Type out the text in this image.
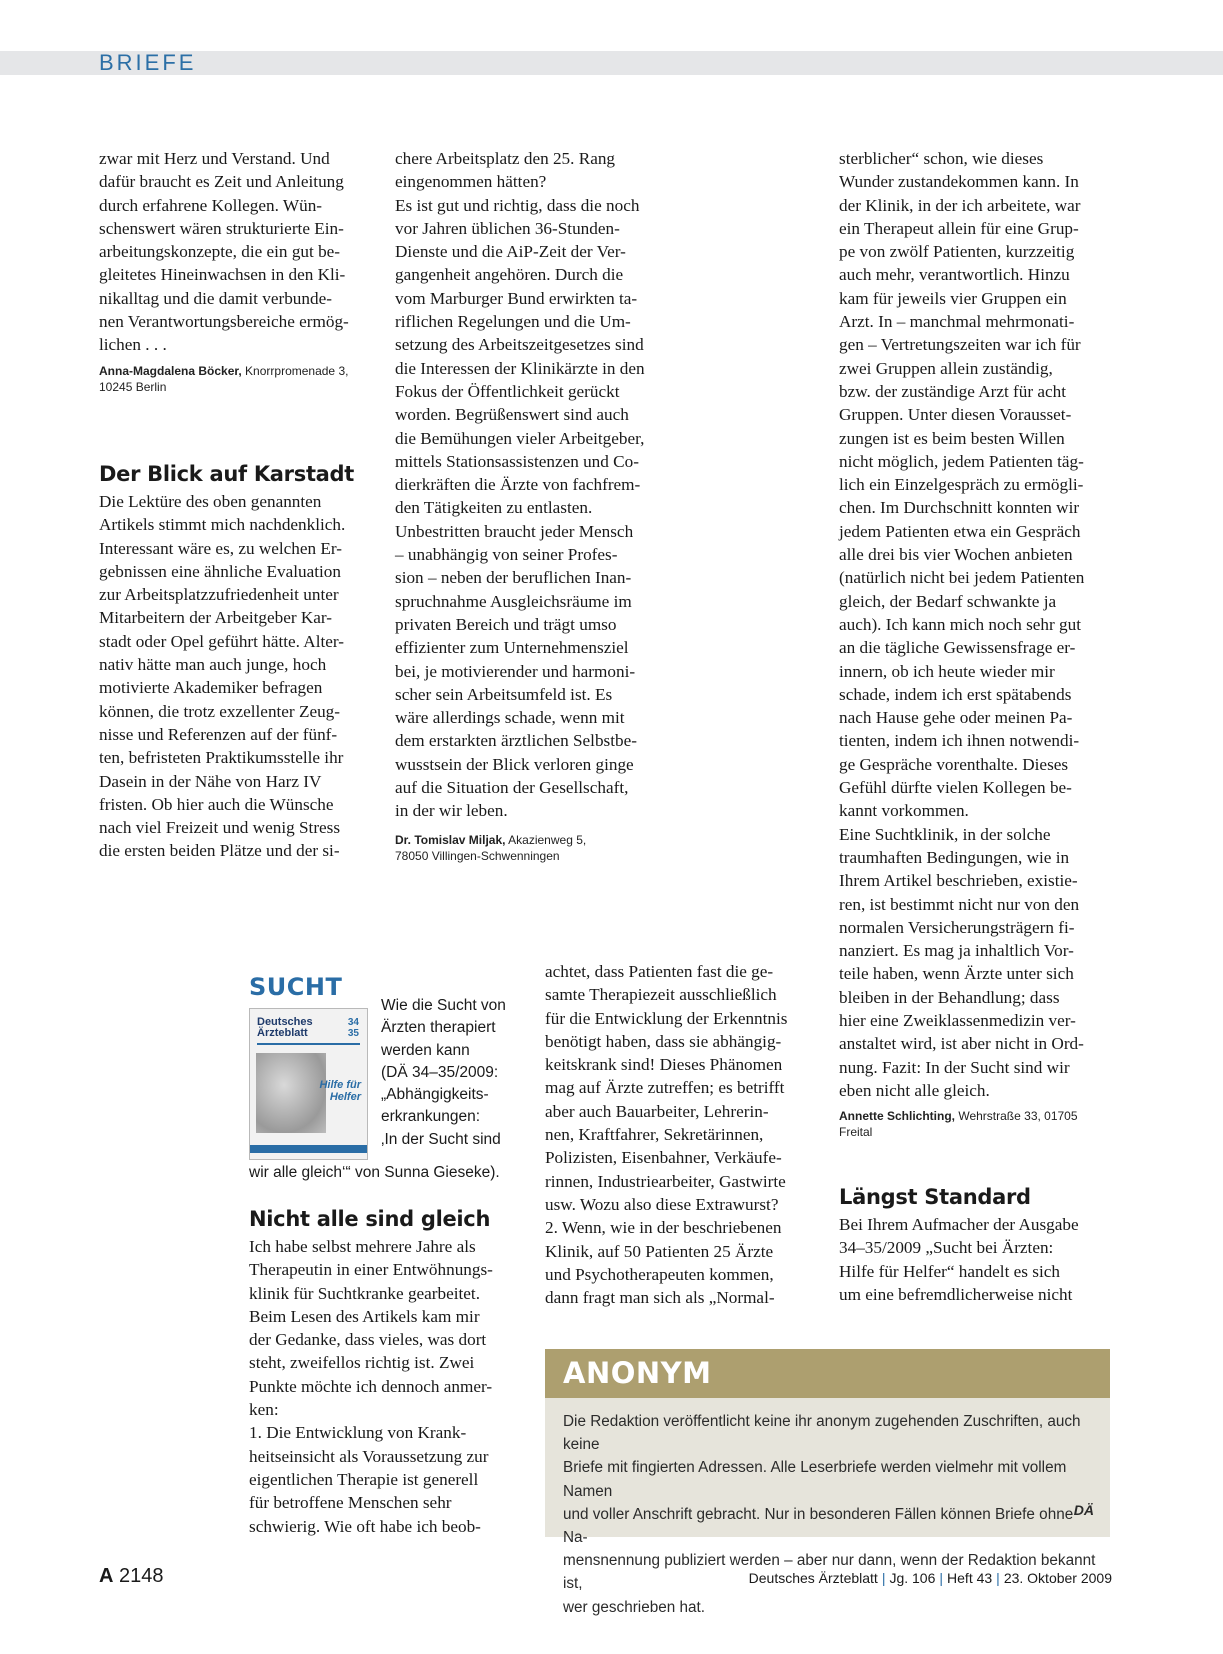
BRIEFE

zwar mit Herz und Verstand. Und
dafür braucht es Zeit und Anleitung
durch erfahrene Kollegen. Wün-
schenswert wären strukturierte Ein-
arbeitungskonzepte, die ein gut be-
gleitetes Hineinwachsen in den Kli-
nikalltag und die damit verbunde-
nen Verantwortungsbereiche ermög-
lichen . . .

Anna-Magdalena Böcker, Knorrpromenade 3,
10245 Berlin
Der Blick auf Karstadt

Die Lektüre des oben genannten
Artikels stimmt mich nachdenklich.
Interessant wäre es, zu welchen Er-
gebnissen eine ähnliche Evaluation
zur Arbeitsplatzzufriedenheit unter
Mitarbeitern der Arbeitgeber Kar-
stadt oder Opel geführt hätte. Alter-
nativ hätte man auch junge, hoch
motivierte Akademiker befragen
können, die trotz exzellenter Zeug-
nisse und Referenzen auf der fünf-
ten, befristeten Praktikumsstelle ihr
Dasein in der Nähe von Harz IV
fristen. Ob hier auch die Wünsche
nach viel Freizeit und wenig Stress
die ersten beiden Plätze und der si-

chere Arbeitsplatz den 25. Rang
eingenommen hätten?
Es ist gut und richtig, dass die noch
vor Jahren üblichen 36-Stunden-
Dienste und die AiP-Zeit der Ver-
gangenheit angehören. Durch die
vom Marburger Bund erwirkten ta-
riflichen Regelungen und die Um-
setzung des Arbeitszeitgesetzes sind
die Interessen der Klinikärzte in den
Fokus der Öffentlichkeit gerückt
worden. Begrüßenswert sind auch
die Bemühungen vieler Arbeitgeber,
mittels Stationsassistenzen und Co-
dierkräften die Ärzte von fachfrem-
den Tätigkeiten zu entlasten.
Unbestritten braucht jeder Mensch
– unabhängig von seiner Profes-
sion – neben der beruflichen Inan-
spruchnahme Ausgleichsräume im
privaten Bereich und trägt umso
effizienter zum Unternehmensziel
bei, je motivierender und harmoni-
scher sein Arbeitsumfeld ist. Es
wäre allerdings schade, wenn mit
dem erstarkten ärztlichen Selbstbe-
wusstsein der Blick verloren ginge
auf die Situation der Gesellschaft,
in der wir leben.

Dr. Tomislav Miljak, Akazienweg 5,
78050 Villingen-Schwenningen

sterblicher“ schon, wie dieses
Wunder zustandekommen kann. In
der Klinik, in der ich arbeitete, war
ein Therapeut allein für eine Grup-
pe von zwölf Patienten, kurzzeitig
auch mehr, verantwortlich. Hinzu
kam für jeweils vier Gruppen ein
Arzt. In – manchmal mehrmonati-
gen – Vertretungszeiten war ich für
zwei Gruppen allein zuständig,
bzw. der zuständige Arzt für acht
Gruppen. Unter diesen Vorausset-
zungen ist es beim besten Willen
nicht möglich, jedem Patienten täg-
lich ein Einzelgespräch zu ermögli-
chen. Im Durchschnitt konnten wir
jedem Patienten etwa ein Gespräch
alle drei bis vier Wochen anbieten
(natürlich nicht bei jedem Patienten
gleich, der Bedarf schwankte ja
auch). Ich kann mich noch sehr gut
an die tägliche Gewissensfrage er-
innern, ob ich heute wieder mir
schade, indem ich erst spätabends
nach Hause gehe oder meinen Pa-
tienten, indem ich ihnen notwendi-
ge Gespräche vorenthalte. Dieses
Gefühl dürfte vielen Kollegen be-
kannt vorkommen.
Eine Suchtklinik, in der solche
traumhaften Bedingungen, wie in
Ihrem Artikel beschrieben, existie-
ren, ist bestimmt nicht nur von den
normalen Versicherungsträgern fi-
nanziert. Es mag ja inhaltlich Vor-
teile haben, wenn Ärzte unter sich
bleiben in der Behandlung; dass
hier eine Zweiklassenmedizin ver-
anstaltet wird, ist aber nicht in Ord-
nung. Fazit: In der Sucht sind wir
eben nicht alle gleich.

Annette Schlichting, Wehrstraße 33, 01705 Freital
Längst Standard

Bei Ihrem Aufmacher der Ausgabe
34–35/2009 „Sucht bei Ärzten:
Hilfe für Helfer“ handelt es sich
um eine befremdlicherweise nicht

SUCHT
Deutsches
Ärzteblatt
34
35
Hilfe für
Helfer
Wie die Sucht von
Ärzten therapiert
werden kann
(DÄ 34–35/2009:
„Abhängigkeits-
erkrankungen:
‚In der Sucht sind
wir alle gleich‘“ von Sunna Gieseke).
Nicht alle sind gleich

Ich habe selbst mehrere Jahre als
Therapeutin in einer Entwöhnungs-
klinik für Suchtkranke gearbeitet.
Beim Lesen des Artikels kam mir
der Gedanke, dass vieles, was dort
steht, zweifellos richtig ist. Zwei
Punkte möchte ich dennoch anmer-
ken:
1. Die Entwicklung von Krank-
heitseinsicht als Voraussetzung zur
eigentlichen Therapie ist generell
für betroffene Menschen sehr
schwierig. Wie oft habe ich beob-

achtet, dass Patienten fast die ge-
samte Therapiezeit ausschließlich
für die Entwicklung der Erkenntnis
benötigt haben, dass sie abhängig-
keitskrank sind! Dieses Phänomen
mag auf Ärzte zutreffen; es betrifft
aber auch Bauarbeiter, Lehrerin-
nen, Kraftfahrer, Sekretärinnen,
Polizisten, Eisenbahner, Verkäufe-
rinnen, Industriearbeiter, Gastwirte
usw. Wozu also diese Extrawurst?
2. Wenn, wie in der beschriebenen
Klinik, auf 50 Patienten 25 Ärzte
und Psychotherapeuten kommen,
dann fragt man sich als „Normal-

ANONYM
Die Redaktion veröffentlicht keine ihr anonym zugehenden Zuschriften, auch keine
Briefe mit fingierten Adressen. Alle Leserbriefe werden vielmehr mit vollem Namen
und voller Anschrift gebracht. Nur in besonderen Fällen können Briefe ohne Na-
mensnennung publiziert werden – aber nur dann, wenn der Redaktion bekannt ist,
wer geschrieben hat.
DÄ
A 2148	Deutsches Ärzteblatt | Jg. 106 | Heft 43 | 23. Oktober 2009
